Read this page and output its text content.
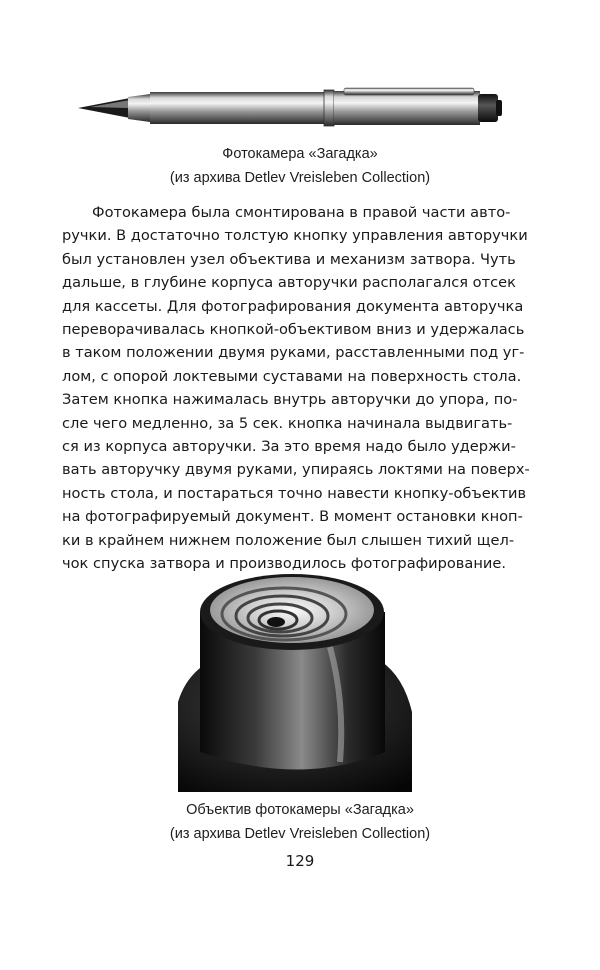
Фотокамера «Загадка»
(из архива Detlev Vreisleben Collection)
Фотокамера была смонтирована в правой части авто-
ручки. В достаточно толстую кнопку управления авторучки
был установлен узел объектива и механизм затвора. Чуть
дальше, в глубине корпуса авторучки располагался отсек
для кассеты. Для фотографирования документа авторучка
переворачивалась кнопкой-объективом вниз и удержалась
в таком положении двумя руками, расставленными под уг-
лом, с опорой локтевыми суставами на поверхность стола.
Затем кнопка нажималась внутрь авторучки до упора, по-
сле чего медленно, за 5 сек. кнопка начинала выдвигать-
ся из корпуса авторучки. За это время надо было удержи-
вать авторучку двумя руками, упираясь локтями на поверх-
ность стола, и постараться точно навести кнопку-объектив
на фотографируемый документ. В момент остановки кноп-
ки в крайнем нижнем положение был слышен тихий щел-
чок спуска затвора и производилось фотографирование.
Объектив фотокамеры «Загадка»
(из архива Detlev Vreisleben Collection)
129
